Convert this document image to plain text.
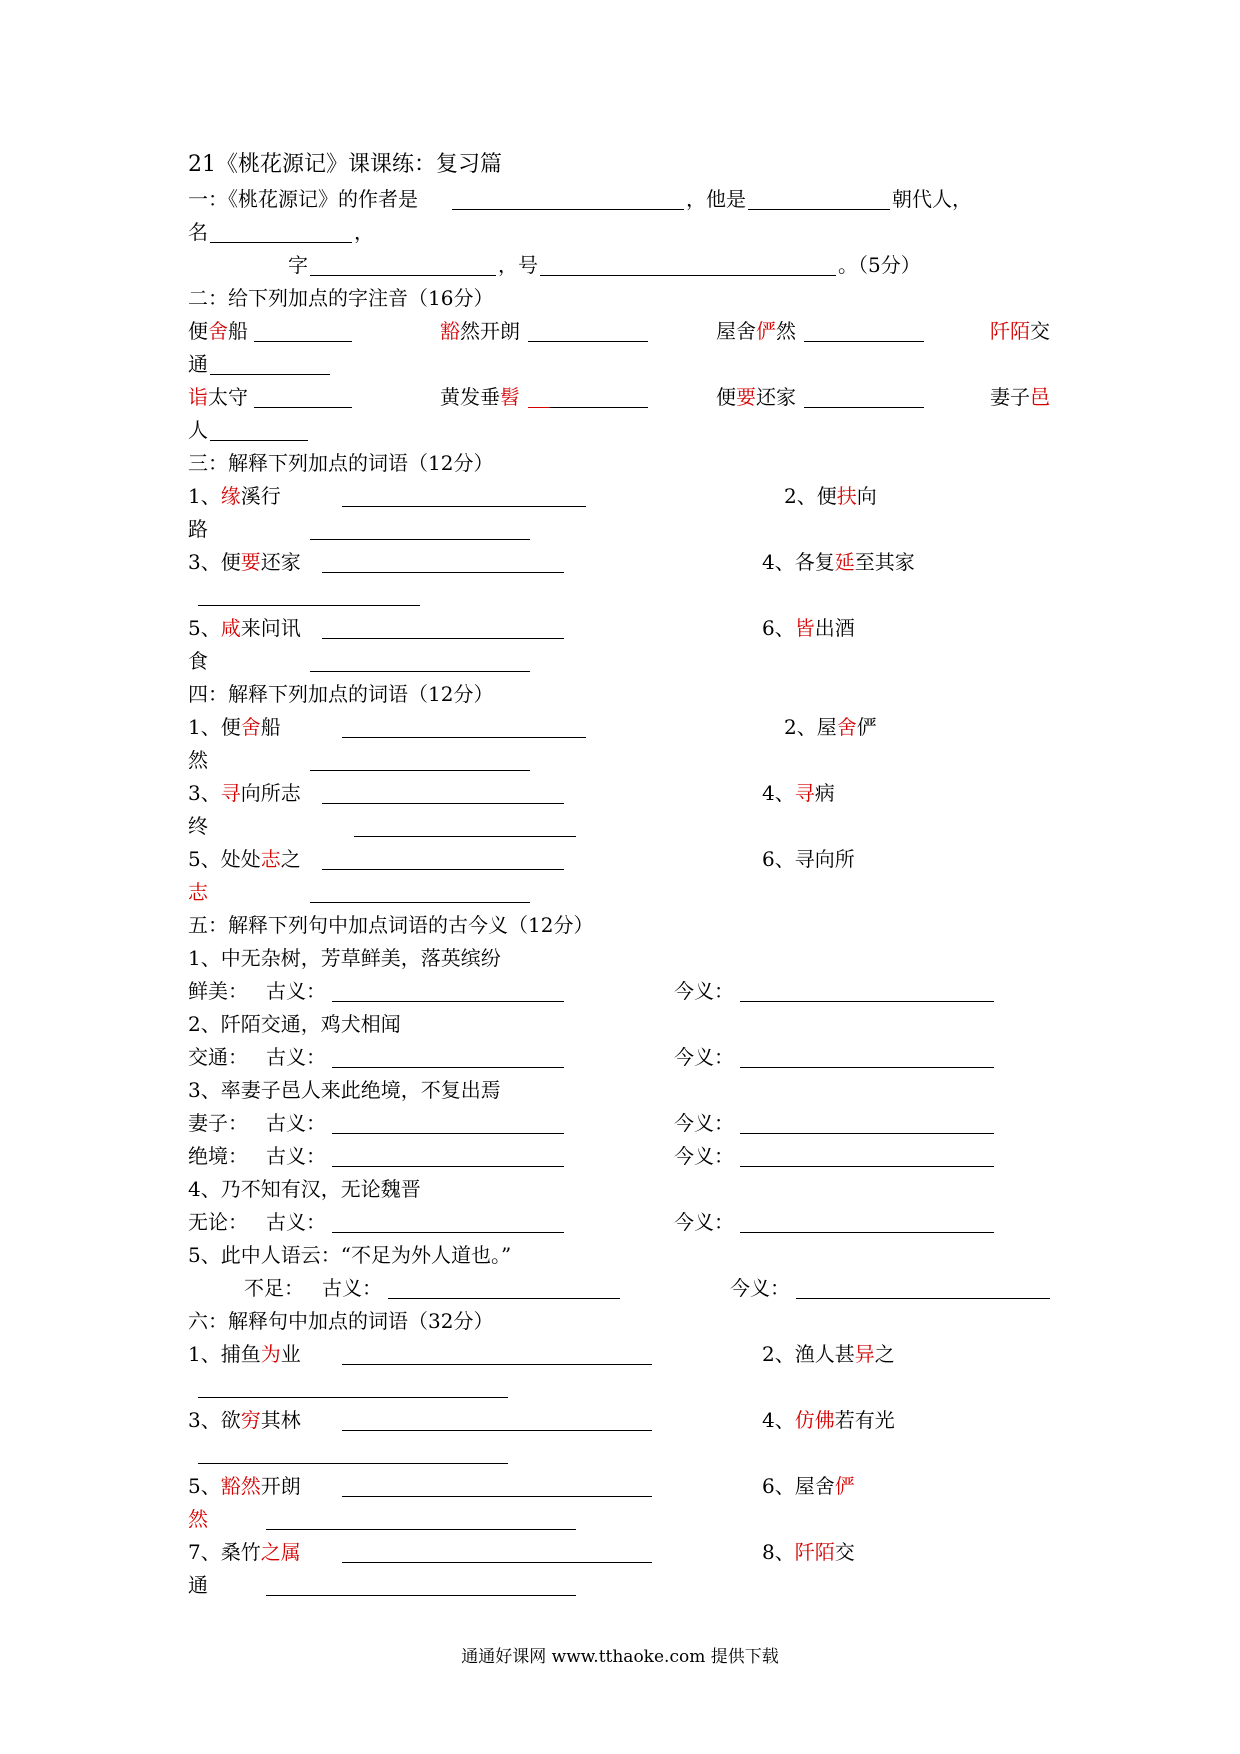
21《桃花源记》课课练：复习篇
一：《桃花源记》的作者是	，他是	朝代人，
名	，
字	，号	。（5分）
二：给下列加点的字注音（16分）
便舍船	豁然开朗	屋舍俨然	阡陌交
通
诣太守	黄发垂髫	便要还家	妻子邑
人
三：解释下列加点的词语（12分）
1、缘溪行	2、便扶向
路
3、便要还家	4、各复延至其家
5、咸来问讯	6、皆出酒
食
四：解释下列加点的词语（12分）
1、便舍船	2、屋舍俨
然
3、寻向所志	4、寻病
终
5、处处志之	6、寻向所
志
五：解释下列句中加点词语的古今义（12分）
1、中无杂树，芳草鲜美，落英缤纷
鲜美： 古义：	今义：
2、阡陌交通，鸡犬相闻
交通： 古义：	今义：
3、率妻子邑人来此绝境，不复出焉
妻子： 古义：	今义：
绝境： 古义：	今义：
4、乃不知有汉，无论魏晋
无论： 古义：	今义：
5、此中人语云：“不足为外人道也。”
不足： 古义：	今义：
六：解释句中加点的词语（32分）
1、捕鱼为业	2、渔人甚异之
3、欲穷其林	4、仿佛若有光
5、豁然开朗	6、屋舍俨
然
7、桑竹之属	8、阡陌交
通
通通好课网 www.tthaoke.com 提供下载
